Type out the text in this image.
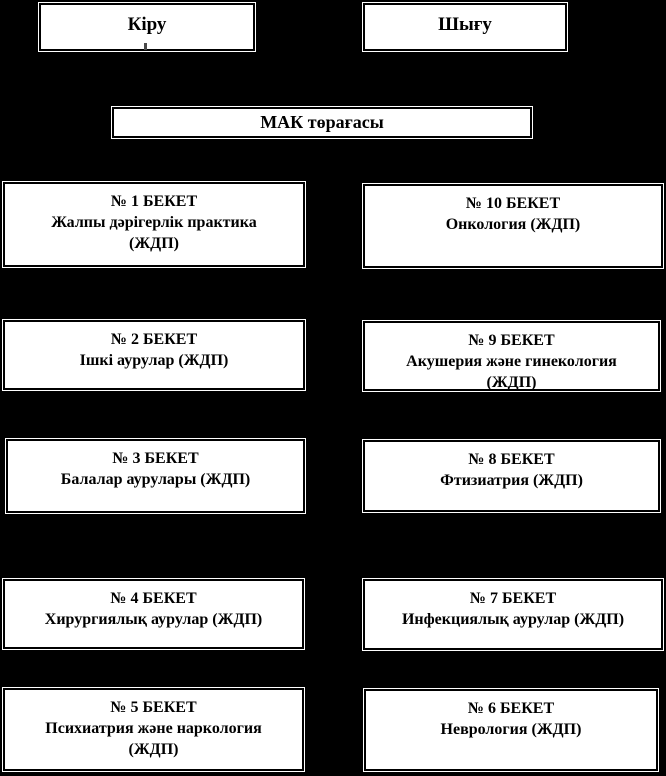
Кіру	Шығу
МАК төрағасы
№ 1 БЕКЕТ
Жалпы дәрігерлік практика
(ЖДП)
№ 10 БЕКЕТ
Онкология (ЖДП)
№ 2 БЕКЕТ
Ішкі аурулар (ЖДП)
№ 9 БЕКЕТ
Акушерия және гинекология
(ЖДП)
№ 3 БЕКЕТ
Балалар аурулары (ЖДП)
№ 8 БЕКЕТ
Фтизиатрия (ЖДП)
№ 4 БЕКЕТ
Хирургиялық аурулар (ЖДП)
№ 7 БЕКЕТ
Инфекциялық аурулар (ЖДП)
№ 5 БЕКЕТ
Психиатрия және наркология
(ЖДП)
№ 6 БЕКЕТ
Неврология (ЖДП)
